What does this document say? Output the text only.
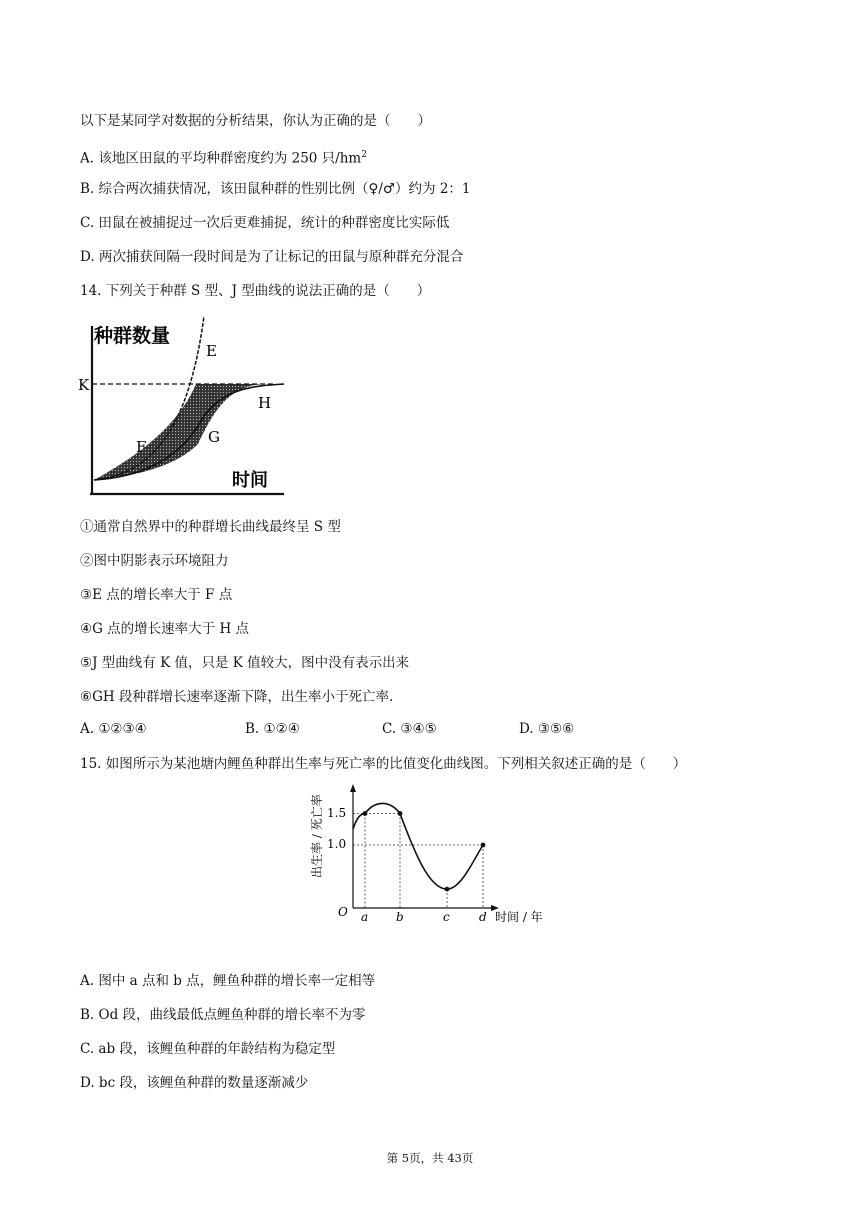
以下是某同学对数据的分析结果，你认为正确的是（　　）
A. 该地区田鼠的平均种群密度约为 250 只$/hm^2$
B. 综合两次捕获情况，该田鼠种群的性别比例（♀/♂）约为 2：1
C. 田鼠在被捕捉过一次后更难捕捉，统计的种群密度比实际低
D. 两次捕获间隔一段时间是为了让标记的田鼠与原种群充分混合
14. 下列关于种群 S 型、J 型曲线的说法正确的是（　　）
种群数量
时间
K
E
H
G
F
①通常自然界中的种群增长曲线最终呈 S 型
②图中阴影表示环境阻力
③E 点的增长率大于 F 点
④G 点的增长速率大于 H 点
⑤J 型曲线有 K 值，只是 K 值较大，图中没有表示出来
⑥GH 段种群增长速率逐渐下降，出生率小于死亡率.
A. ①②③④	B. ①②④	C. ③④⑤	D. ③⑤⑥
15. 如图所示为某池塘内鲤鱼种群出生率与死亡率的比值变化曲线图。下列相关叙述正确的是（　　）
O
1.5
1.0
a b	c d 时间 / 年
出生率 / 死亡率
A. 图中 a 点和 b 点，鲤鱼种群的增长率一定相等
B. Od 段，曲线最低点鲤鱼种群的增长率不为零
C. ab 段，该鲤鱼种群的年龄结构为稳定型
D. bc 段，该鲤鱼种群的数量逐渐减少
第 5页，共 43页
